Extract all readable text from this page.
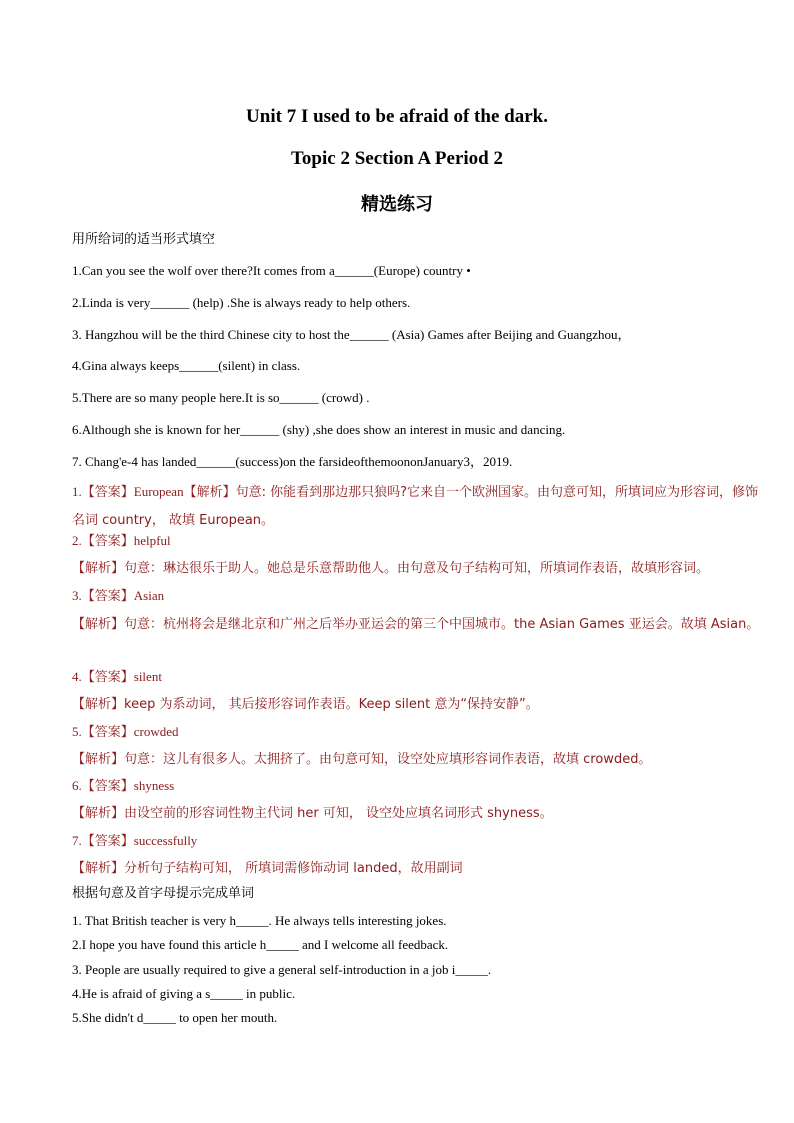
Unit 7 I used to be afraid of the dark.
Topic 2 Section A Period 2
精选练习
用所给词的适当形式填空
1.Can you see the wolf over there?It comes from a______(Europe) country •
2.Linda is very______ (help) .She is always ready to help others.
3. Hangzhou will be the third Chinese city to host the______ (Asia) Games after Beijing and Guangzhou，
4.Gina always keeps______(silent) in class.
5.There are so many people here.It is so______ (crowd) .
6.Although she is known for her______ (shy) ,she does show an interest in music and dancing.
7. Chang'e-4 has landed______(success)on the farsideofthemoononJanuary3，2019.
1.【答案】European【解析】句意: 你能看到那边那只狼吗?它来自一个欧洲国家。由句意可知，所填词应为形容词，修饰名词 country， 故填 European。
2.【答案】helpful
【解析】句意：琳达很乐于助人。她总是乐意帮助他人。由句意及句子结构可知，所填词作表语，故填形容词。
3.【答案】Asian
【解析】句意：杭州将会是继北京和广州之后举办亚运会的第三个中国城市。the Asian Games 亚运会。故填 Asian。
4.【答案】silent
【解析】keep 为系动词， 其后接形容词作表语。Keep silent 意为“保持安静”。
5.【答案】crowded
【解析】句意：这儿有很多人。太拥挤了。由句意可知，设空处应填形容词作表语，故填 crowded。
6.【答案】shyness
【解析】由设空前的形容词性物主代词 her 可知， 设空处应填名词形式 shyness。
7.【答案】successfully
【解析】分析句子结构可知， 所填词需修饰动词 landed，故用副词
根据句意及首字母提示完成单词
1. That British teacher is very h_____. He always tells interesting jokes.
2.I hope you have found this article h_____ and I welcome all feedback.
3. People are usually required to give a general self-introduction in a job i_____.
4.He is afraid of giving a s_____ in public.
5.She didn't d_____ to open her mouth.
